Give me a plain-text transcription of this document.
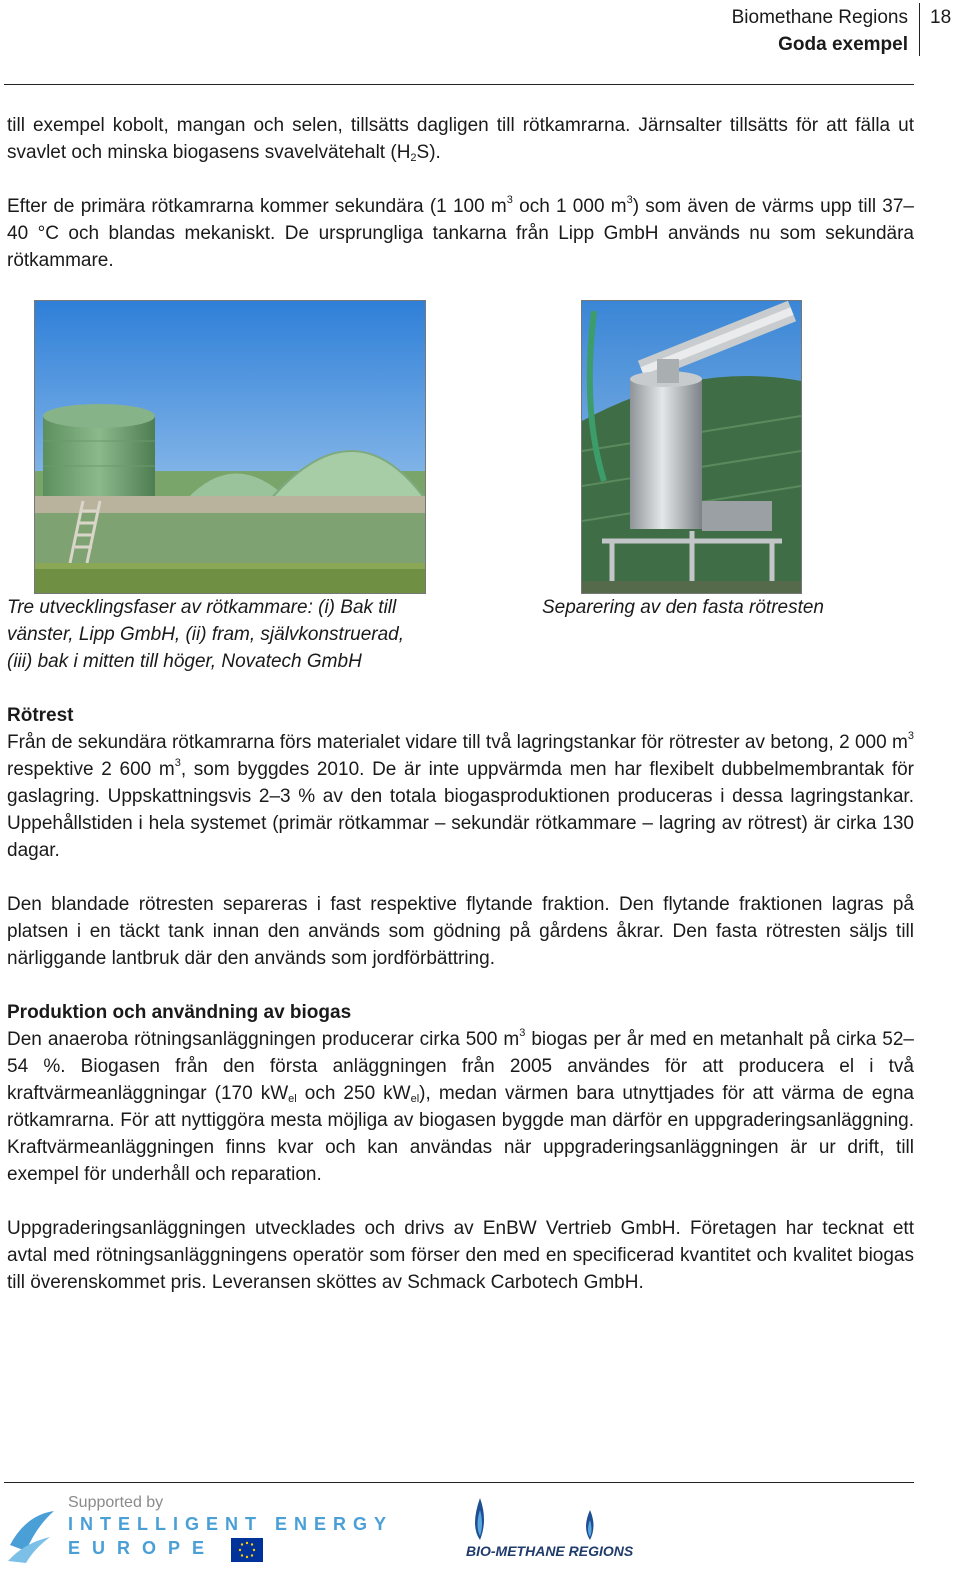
Biomethane Regions
Goda exempel
18

till exempel kobolt, mangan och selen, tillsätts dagligen till rötkamrarna. Järnsalter tillsätts för att fälla ut svavlet och minska biogasens svavelvätehalt $(H_2S)$.

Efter de primära rötkamrarna kommer sekundära (1 100 $m^3$ och 1 000 $m^3$) som även de värms upp till 37–40 °C och blandas mekaniskt. De ursprungliga tankarna från Lipp GmbH används nu som sekundära rötkammare.

Tre utvecklingsfaser av rötkammare: (i) Bak till
vänster, Lipp GmbH, (ii) fram, självkonstruerad,
(iii) bak i mitten till höger, Novatech GmbH
Separering av den fasta rötresten

Rötrest

Från de sekundära rötkamrarna förs materialet vidare till två lagringstankar för rötrester av betong, 2 000 $m^3$ respektive 2 600 $m^3$, som byggdes 2010. De är inte uppvärmda men har flexibelt dubbelmembrantak för gaslagring. Uppskattningsvis 2–3 % av den totala biogasproduktionen produceras i dessa lagringstankar. Uppehållstiden i hela systemet (primär rötkammar – sekundär rötkammare – lagring av rötrest) är cirka 130 dagar.

Den blandade rötresten separeras i fast respektive flytande fraktion. Den flytande fraktionen lagras på platsen i en täckt tank innan den används som gödning på gårdens åkrar. Den fasta rötresten säljs till närliggande lantbruk där den används som jordförbättring.

Produktion och användning av biogas

Den anaeroba rötningsanläggningen producerar cirka 500 $m^3$ biogas per år med en metanhalt på cirka 52–54 %. Biogasen från den första anläggningen från 2005 användes för att producera el i två kraftvärmeanläggningar (170 $kW_{el}$ och 250 $kW_{el}$), medan värmen bara utnyttjades för att värma de egna rötkamrarna. För att nyttiggöra mesta möjliga av biogasen byggde man därför en uppgraderingsanläggning. Kraftvärmeanläggningen finns kvar och kan användas när uppgraderingsanläggningen är ur drift, till exempel för underhåll och reparation.

Uppgraderingsanläggningen utvecklades och drivs av EnBW Vertrieb GmbH. Företagen har tecknat ett avtal med rötningsanläggningens operatör som förser den med en specificerad kvantitet och kvalitet biogas till överenskommet pris. Leveransen sköttes av Schmack Carbotech GmbH.

Supported by
INTELLIGENT ENERGY
EUROPE	BIO-METHANE REGIONS
